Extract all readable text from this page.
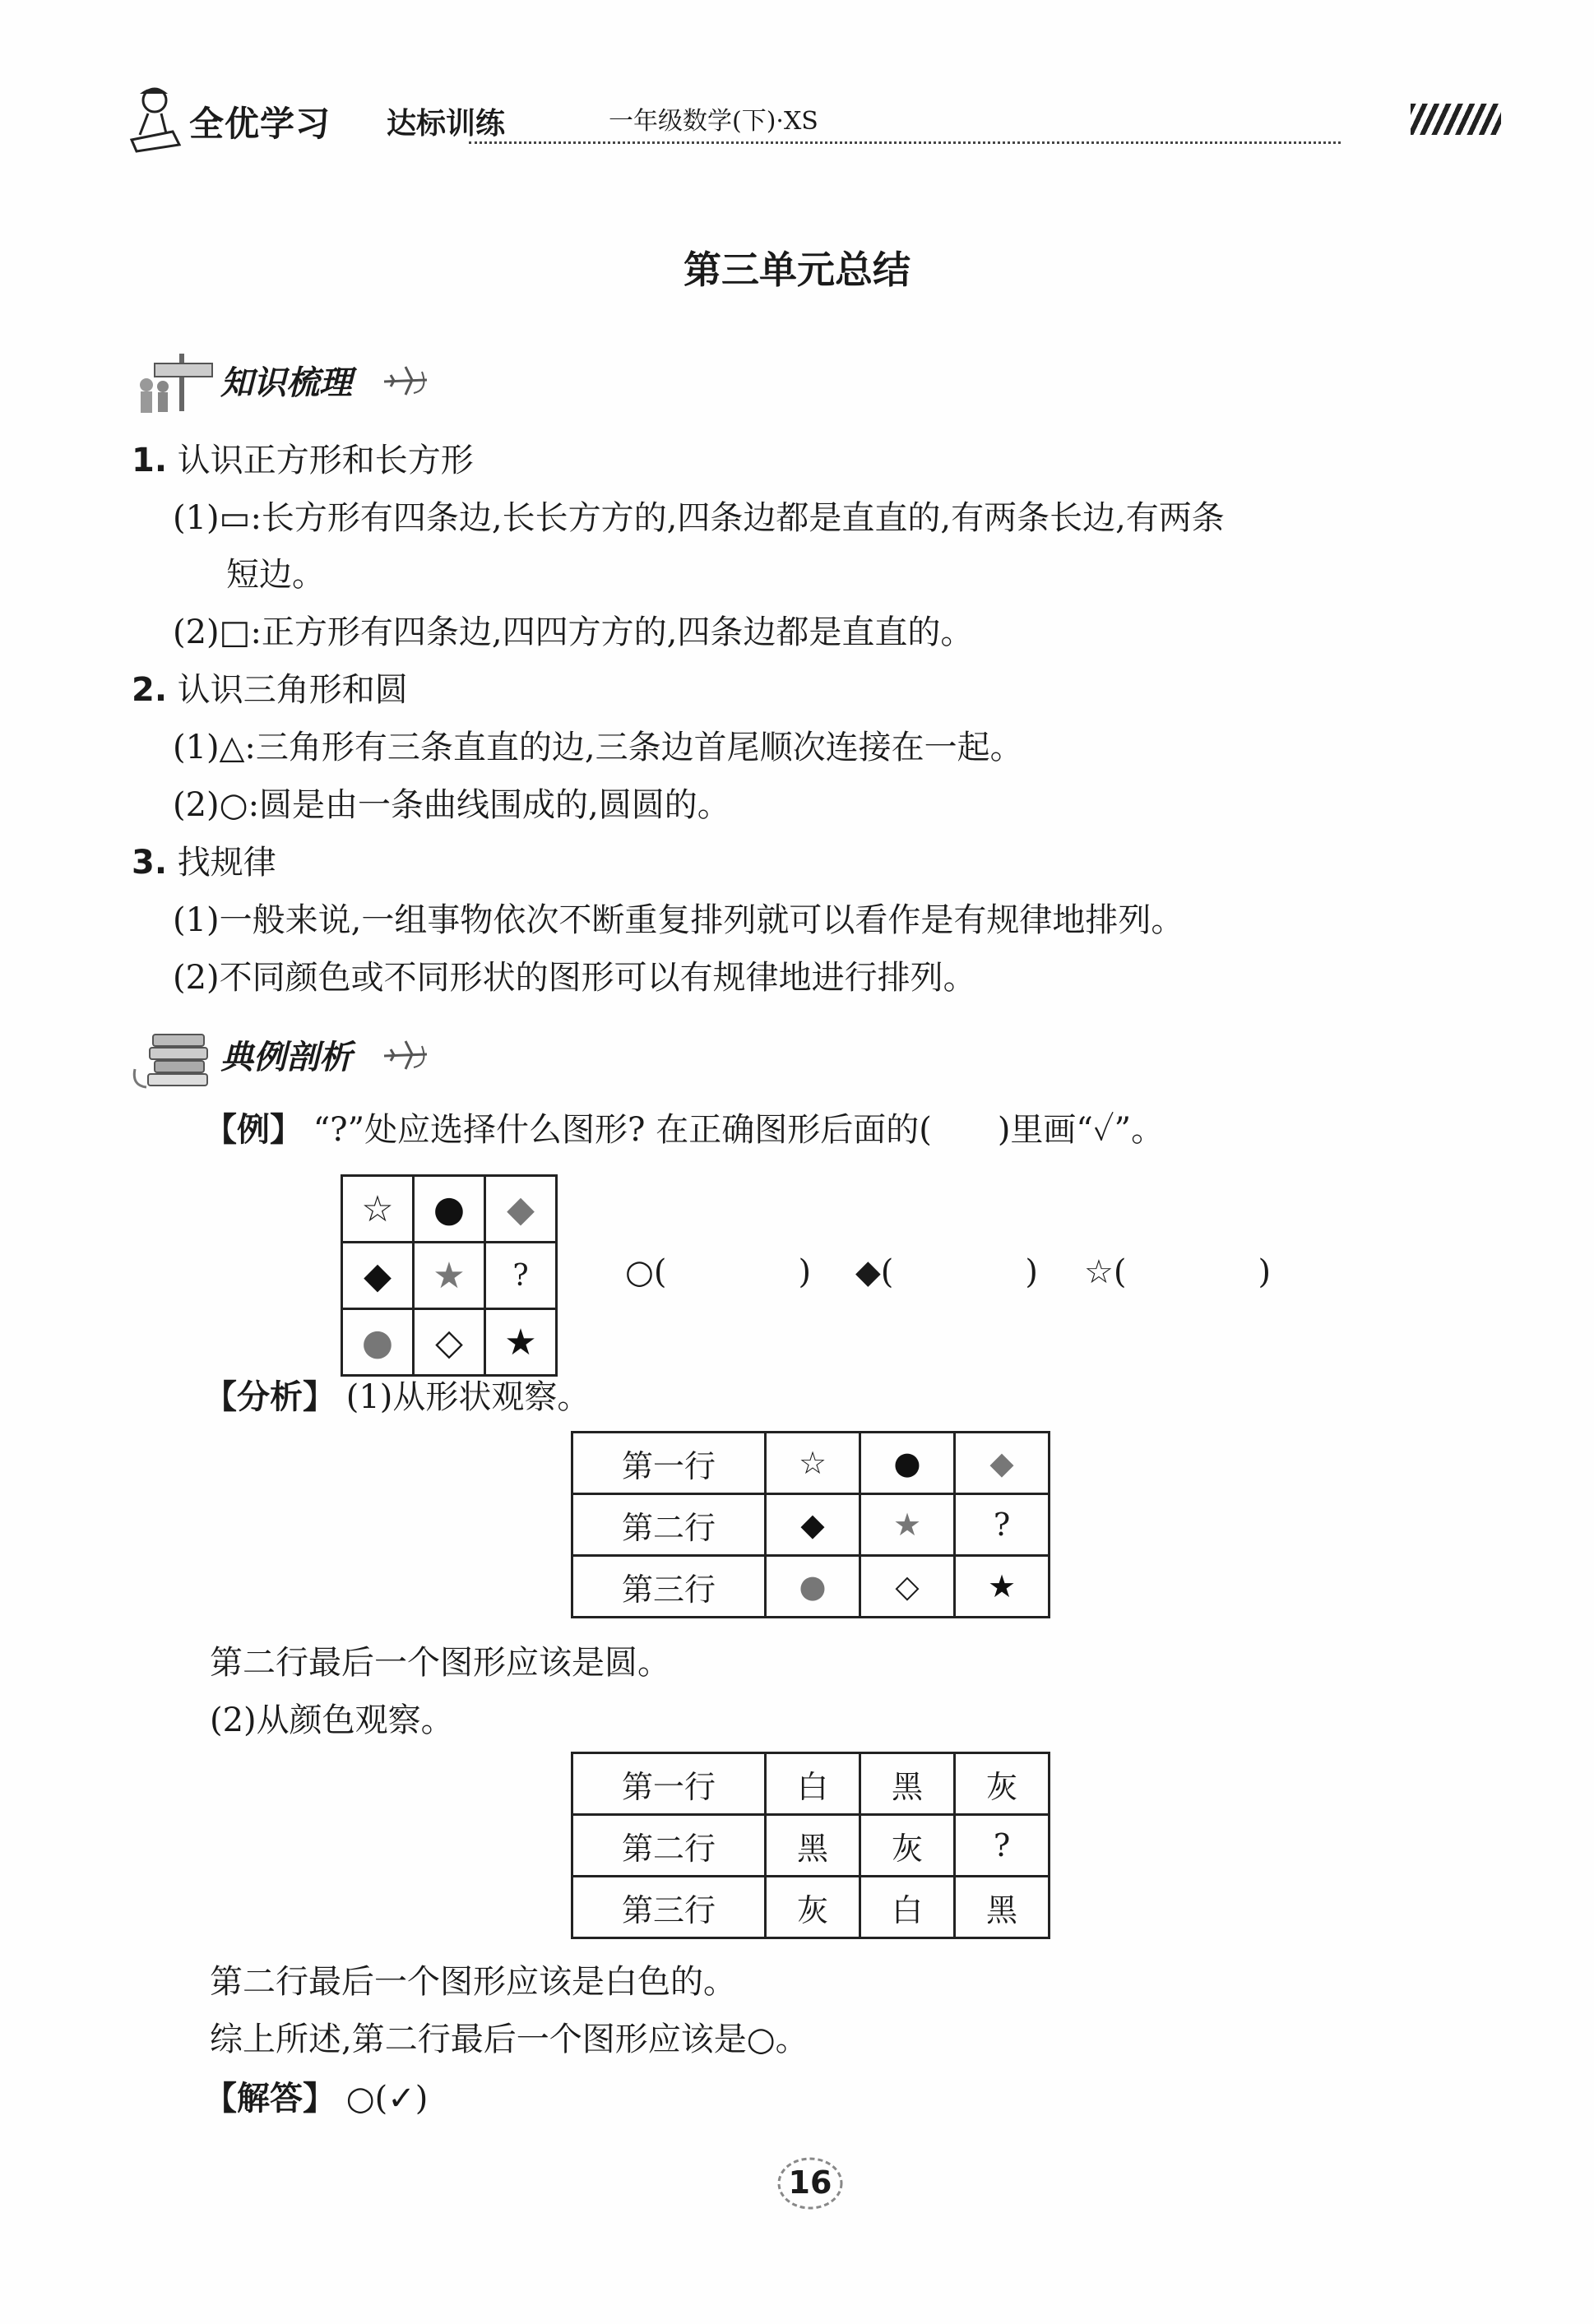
全优学习 达标训练	一年级数学(下)·XS
第三单元总结
知识梳理
1. 认识正方形和长方形
(1)▭:长方形有四条边,长长方方的,四条边都是直直的,有两条长边,有两条
短边。
(2)□:正方形有四条边,四四方方的,四条边都是直直的。
2. 认识三角形和圆
(1)△:三角形有三条直直的边,三条边首尾顺次连接在一起。
(2)○:圆是由一条曲线围成的,圆圆的。
3. 找规律
(1)一般来说,一组事物依次不断重复排列就可以看作是有规律地排列。
(2)不同颜色或不同形状的图形可以有规律地进行排列。
典例剖析
【例】 “?”处应选择什么图形? 在正确图形后面的(　　)里画“✓”。
☆	●	◆
◆	★	?
●	◇	★
○(　　　　) ◆(　　　　) ☆(　　　　)
【分析】 (1)从形状观察。
第一行	☆	●	◆
第二行	◆	★	?
第三行	●	◇	★
第二行最后一个图形应该是圆。
(2)从颜色观察。
第一行	白	黑	灰
第二行	黑	灰	?
第三行	灰	白	黑
第二行最后一个图形应该是白色的。
综上所述,第二行最后一个图形应该是○。
【解答】 ○(✓)
16
